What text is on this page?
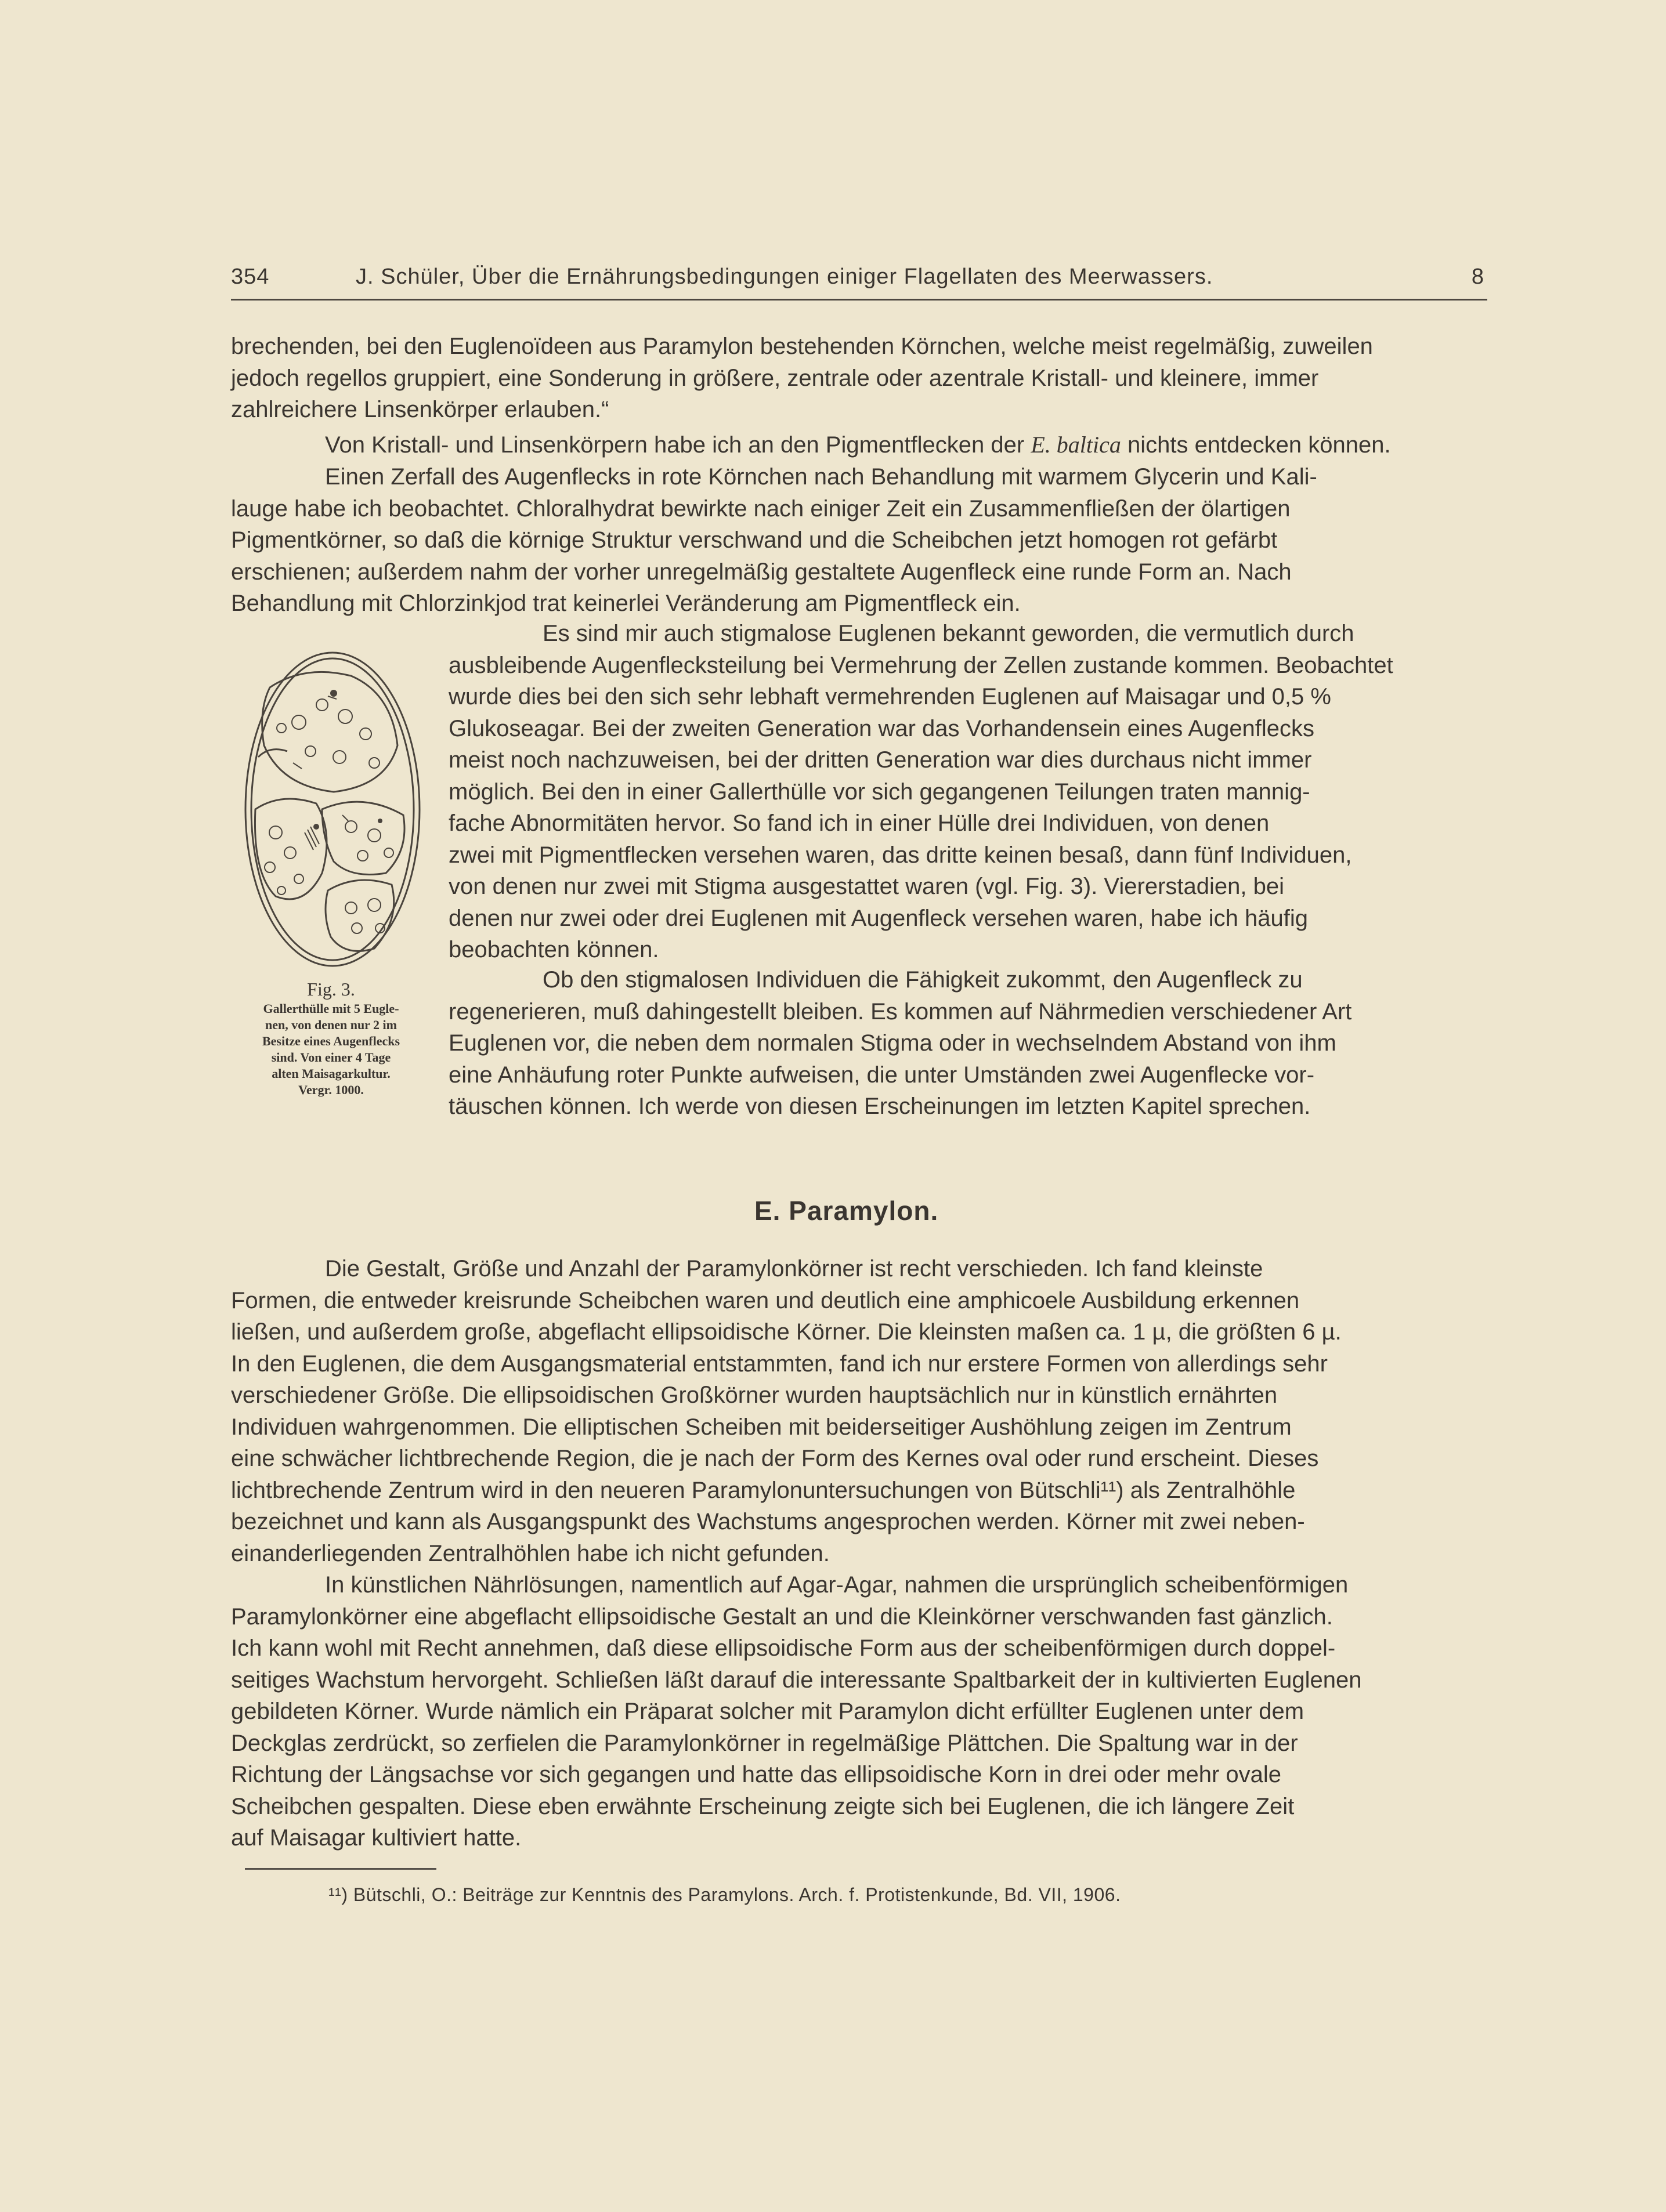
354	J. Schüler, Über die Ernährungsbedingungen einiger Flagellaten des Meerwassers.	8
brechenden, bei den Euglenoïdeen aus Paramylon bestehenden Körnchen, welche meist regelmäßig, zuweilen
jedoch regellos gruppiert, eine Sonderung in größere, zentrale oder azentrale Kristall- und kleinere, immer
zahlreichere Linsenkörper erlauben.“
Von Kristall- und Linsenkörpern habe ich an den Pigmentflecken der E. baltica nichts entdecken können.
Einen Zerfall des Augenflecks in rote Körnchen nach Behandlung mit warmem Glycerin und Kali-
lauge habe ich beobachtet. Chloralhydrat bewirkte nach einiger Zeit ein Zusammenfließen der ölartigen
Pigmentkörner, so daß die körnige Struktur verschwand und die Scheibchen jetzt homogen rot gefärbt
erschienen; außerdem nahm der vorher unregelmäßig gestaltete Augenfleck eine runde Form an. Nach
Behandlung mit Chlorzinkjod trat keinerlei Veränderung am Pigmentfleck ein.
Fig. 3.
Gallerthülle mit 5 Eugle-
nen, von denen nur 2 im
Besitze eines Augenflecks
sind. Von einer 4 Tage
alten Maisagarkultur.
Vergr. 1000.
Es sind mir auch stigmalose Euglenen bekannt geworden, die vermutlich durch
ausbleibende Augenflecksteilung bei Vermehrung der Zellen zustande kommen. Beobachtet
wurde dies bei den sich sehr lebhaft vermehrenden Euglenen auf Maisagar und 0,5 %
Glukoseagar. Bei der zweiten Generation war das Vorhandensein eines Augenflecks
meist noch nachzuweisen, bei der dritten Generation war dies durchaus nicht immer
möglich. Bei den in einer Gallerthülle vor sich gegangenen Teilungen traten mannig-
fache Abnormitäten hervor. So fand ich in einer Hülle drei Individuen, von denen
zwei mit Pigmentflecken versehen waren, das dritte keinen besaß, dann fünf Individuen,
von denen nur zwei mit Stigma ausgestattet waren (vgl. Fig. 3). Viererstadien, bei
denen nur zwei oder drei Euglenen mit Augenfleck versehen waren, habe ich häufig
beobachten können.
Ob den stigmalosen Individuen die Fähigkeit zukommt, den Augenfleck zu
regenerieren, muß dahingestellt bleiben. Es kommen auf Nährmedien verschiedener Art
Euglenen vor, die neben dem normalen Stigma oder in wechselndem Abstand von ihm
eine Anhäufung roter Punkte aufweisen, die unter Umständen zwei Augenflecke vor-
täuschen können. Ich werde von diesen Erscheinungen im letzten Kapitel sprechen.
E. Paramylon.
Die Gestalt, Größe und Anzahl der Paramylonkörner ist recht verschieden. Ich fand kleinste
Formen, die entweder kreisrunde Scheibchen waren und deutlich eine amphicoele Ausbildung erkennen
ließen, und außerdem große, abgeflacht ellipsoidische Körner. Die kleinsten maßen ca. 1 µ, die größten 6 µ.
In den Euglenen, die dem Ausgangsmaterial entstammten, fand ich nur erstere Formen von allerdings sehr
verschiedener Größe. Die ellipsoidischen Großkörner wurden hauptsächlich nur in künstlich ernährten
Individuen wahrgenommen. Die elliptischen Scheiben mit beiderseitiger Aushöhlung zeigen im Zentrum
eine schwächer lichtbrechende Region, die je nach der Form des Kernes oval oder rund erscheint. Dieses
lichtbrechende Zentrum wird in den neueren Paramylonuntersuchungen von Bütschli¹¹) als Zentralhöhle
bezeichnet und kann als Ausgangspunkt des Wachstums angesprochen werden. Körner mit zwei neben-
einanderliegenden Zentralhöhlen habe ich nicht gefunden.
In künstlichen Nährlösungen, namentlich auf Agar-Agar, nahmen die ursprünglich scheibenförmigen
Paramylonkörner eine abgeflacht ellipsoidische Gestalt an und die Kleinkörner verschwanden fast gänzlich.
Ich kann wohl mit Recht annehmen, daß diese ellipsoidische Form aus der scheibenförmigen durch doppel-
seitiges Wachstum hervorgeht. Schließen läßt darauf die interessante Spaltbarkeit der in kultivierten Euglenen
gebildeten Körner. Wurde nämlich ein Präparat solcher mit Paramylon dicht erfüllter Euglenen unter dem
Deckglas zerdrückt, so zerfielen die Paramylonkörner in regelmäßige Plättchen. Die Spaltung war in der
Richtung der Längsachse vor sich gegangen und hatte das ellipsoidische Korn in drei oder mehr ovale
Scheibchen gespalten. Diese eben erwähnte Erscheinung zeigte sich bei Euglenen, die ich längere Zeit
auf Maisagar kultiviert hatte.
¹¹) Bütschli, O.: Beiträge zur Kenntnis des Paramylons. Arch. f. Protistenkunde, Bd. VII, 1906.
